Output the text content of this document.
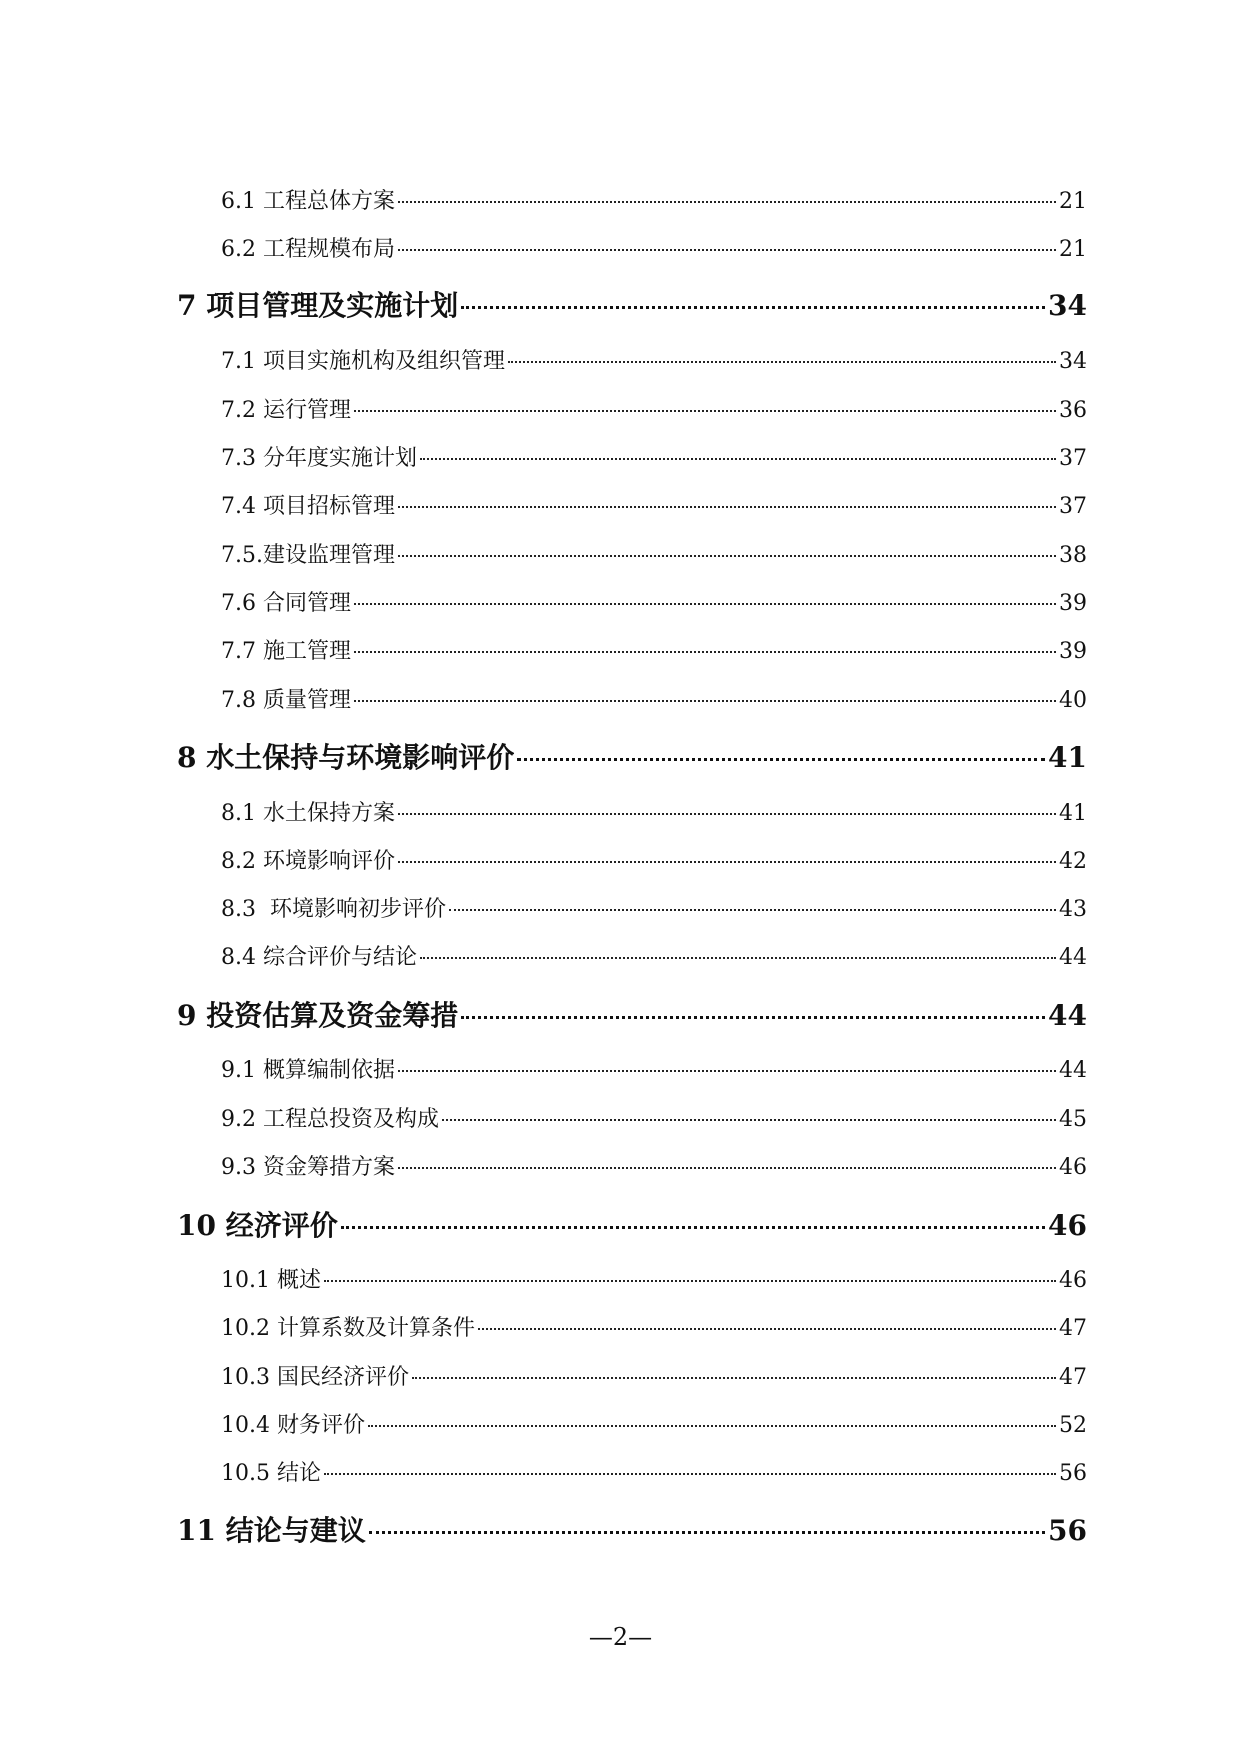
6.1 工程总体方案	21
6.2 工程规模布局	21
7 项目管理及实施计划	34
7.1 项目实施机构及组织管理	34
7.2 运行管理	36
7.3 分年度实施计划	37
7.4 项目招标管理	37
7.5.建设监理管理	38
7.6 合同管理	39
7.7 施工管理	39
7.8 质量管理	40
8 水土保持与环境影响评价	41
8.1 水土保持方案	41
8.2 环境影响评价	42
8.3  环境影响初步评价	43
8.4 综合评价与结论	44
9 投资估算及资金筹措	44
9.1 概算编制依据	44
9.2 工程总投资及构成	45
9.3 资金筹措方案	46
10 经济评价	46
10.1 概述	46
10.2 计算系数及计算条件	47
10.3 国民经济评价	47
10.4 财务评价	52
10.5 结论	56
11 结论与建议	56
—2—
